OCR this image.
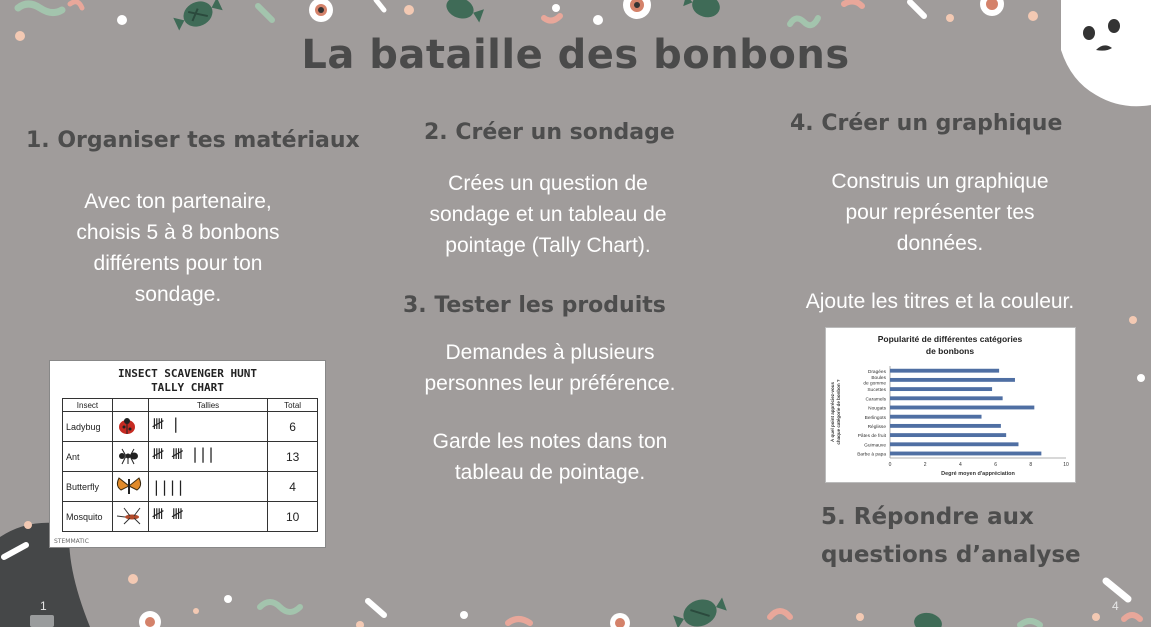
La bataille des bonbons
1. Organiser tes matériaux
Avec ton partenaire,
choisis 5 à 8 bonbons
différents pour ton
sondage.
INSECT SCAVENGER HUNT
TALLY CHART
Insect		Tallies	Total
Ladybug		𝍸 |	6
Ant		𝍸 𝍸 |||	13
Butterfly		||||	4
Mosquito		𝍸 𝍸	10
STEMMATIC
2. Créer un sondage
Crées un question de
sondage et un tableau de
pointage (Tally Chart).
3. Tester les produits
Demandes à plusieurs
personnes leur préférence.
Garde les notes dans ton
tableau de pointage.
4. Créer un graphique
Construis un graphique
pour représenter tes
données.
Ajoute les titres et la couleur.
Popularité de différentes catégories
de bonbons
Dragées
Boules
de gomme
Sucettes
Caramels
Nougats
Berlingots
Réglisse
Pâtes de fruit
Guimauve
Barbe à papa
0	2	4	6	8	10
Degré moyen d'appréciation
À quel point appréciez-vous chaque catégorie de bonbon ?
5. Répondre aux
questions d’analyse
1	4
